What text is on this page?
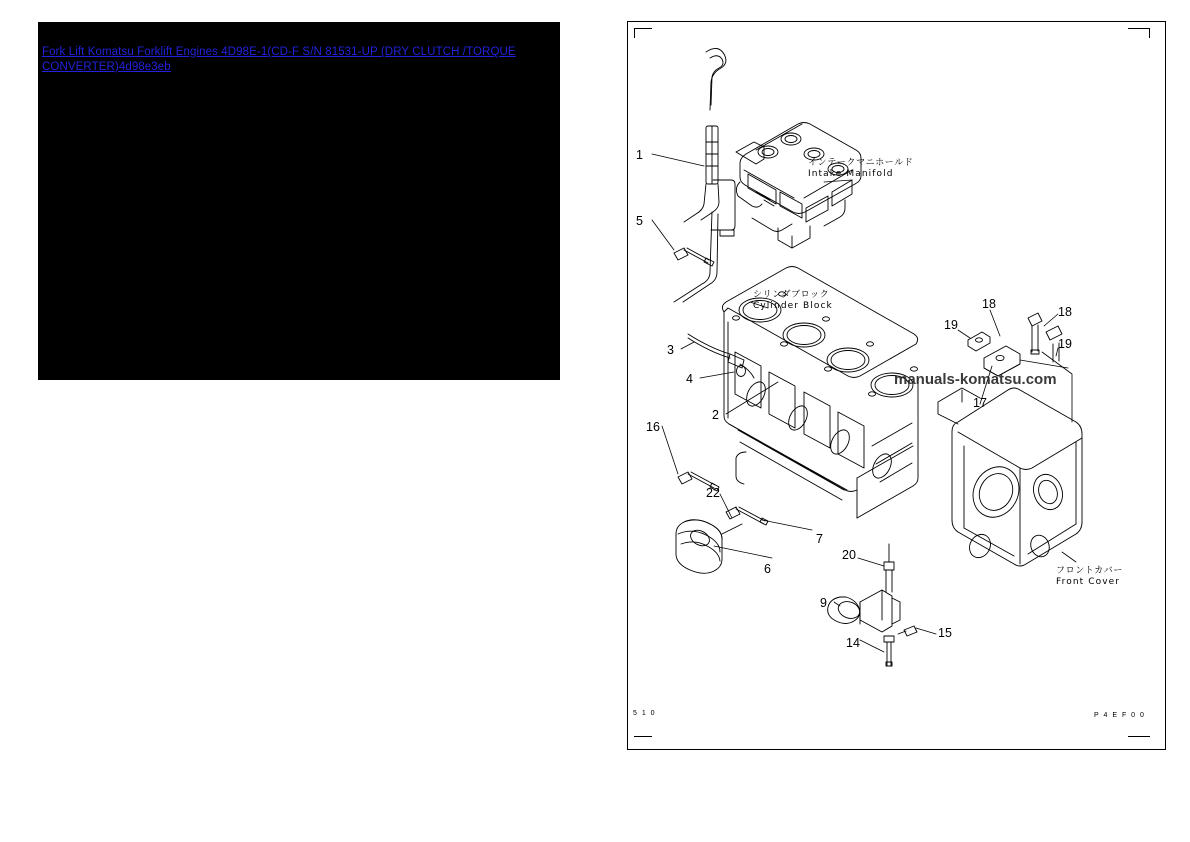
Fork Lift Komatsu Forklift Engines 4D98E-1(CD-F S/N 81531-UP (DRY CLUTCH /TORQUE CONVERTER)4d98e3eb
インテークマニホールド
Intake Manifold
シリンダブロック
Cylinder Block
フロントカバー
Front Cover
1
5
3
4
2
16
22
7
6
9
14
15
20
18
18
19
19
17
5 1 0	P 4 E F 0 0
manuals-komatsu.com
